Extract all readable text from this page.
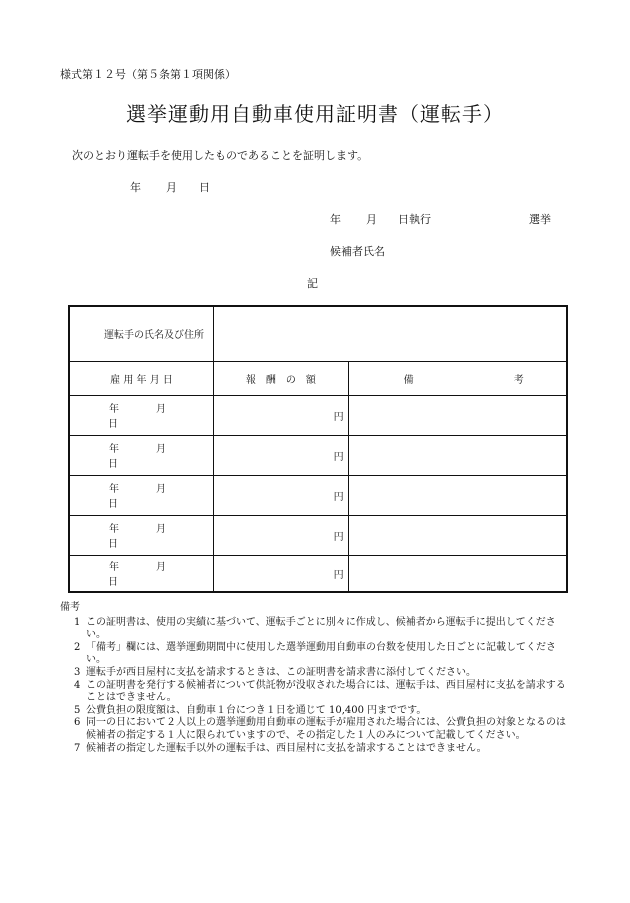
様式第１２号（第５条第１項関係）
選挙運動用自動車使用証明書（運転手）
次のとおり運転手を使用したものであることを証明します。
年 月 日
年 月 日執行	選挙
候補者氏名
記
運転手の氏名及び住所		
雇 用 年 月 日	報　酬　の　額	備 考
年 月日	円	
年 月日	円	
年 月日	円	
年 月日	円	
年 月日	円	
備考
1 この証明書は、使用の実績に基づいて、運転手ごとに別々に作成し、候補者から運転手に提出してください。
2 「備考」欄には、選挙運動期間中に使用した選挙運動用自動車の台数を使用した日ごとに記載してください。
3 運転手が西目屋村に支払を請求するときは、この証明書を請求書に添付してください。
4 この証明書を発行する候補者について供託物が没収された場合には、運転手は、西目屋村に支払を請求することはできません。
5 公費負担の限度額は、自動車１台につき１日を通じて 10,400 円までです。
6 同一の日において２人以上の選挙運動用自動車の運転手が雇用された場合には、公費負担の対象となるのは候補者の指定する１人に限られていますので、その指定した１人のみについて記載してください。
7 候補者の指定した運転手以外の運転手は、西目屋村に支払を請求することはできません。
